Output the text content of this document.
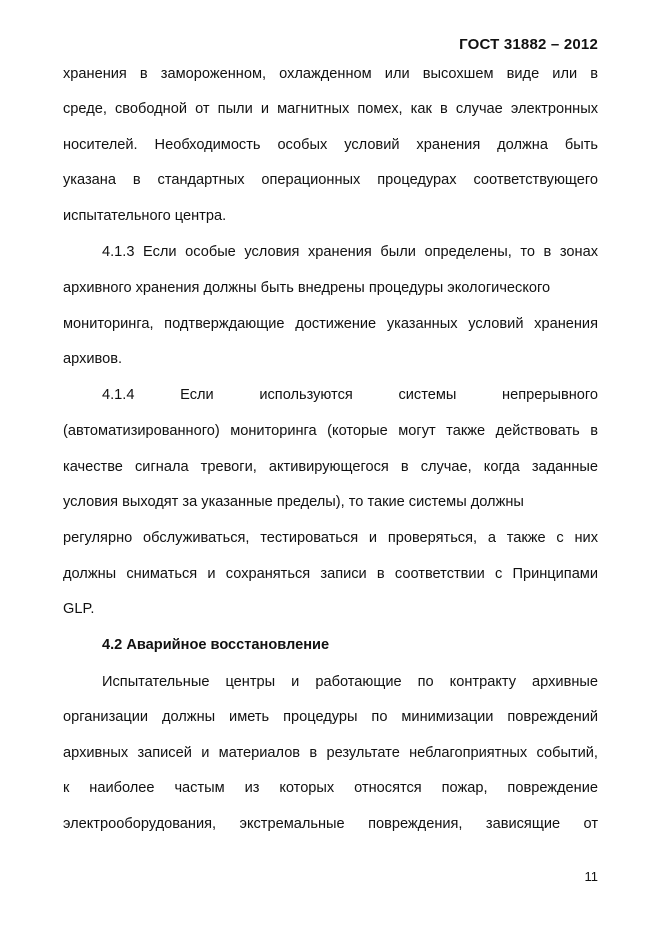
ГОСТ 31882 – 2012
хранения в замороженном, охлажденном или высохшем виде или в
среде, свободной от пыли и магнитных помех, как в случае электронных
носителей. Необходимость особых условий хранения должна быть
указана в стандартных операционных процедурах соответствующего
испытательного центра.
4.1.3 Если особые условия хранения были определены, то в зонах
архивного хранения должны быть внедрены процедуры экологического
мониторинга, подтверждающие достижение указанных условий хранения
архивов.
4.1.4 Если используются системы непрерывного
(автоматизированного) мониторинга (которые могут также действовать в
качестве сигнала тревоги, активирующегося в случае, когда заданные
условия выходят за указанные пределы), то такие системы должны
регулярно обслуживаться, тестироваться и проверяться, а также с них
должны сниматься и сохраняться записи в соответствии с Принципами
GLP.
4.2 Аварийное восстановление
Испытательные центры и работающие по контракту архивные
организации должны иметь процедуры по минимизации повреждений
архивных записей и материалов в результате неблагоприятных событий,
к наиболее частым из которых относятся пожар, повреждение
электрооборудования, экстремальные повреждения, зависящие от
11
